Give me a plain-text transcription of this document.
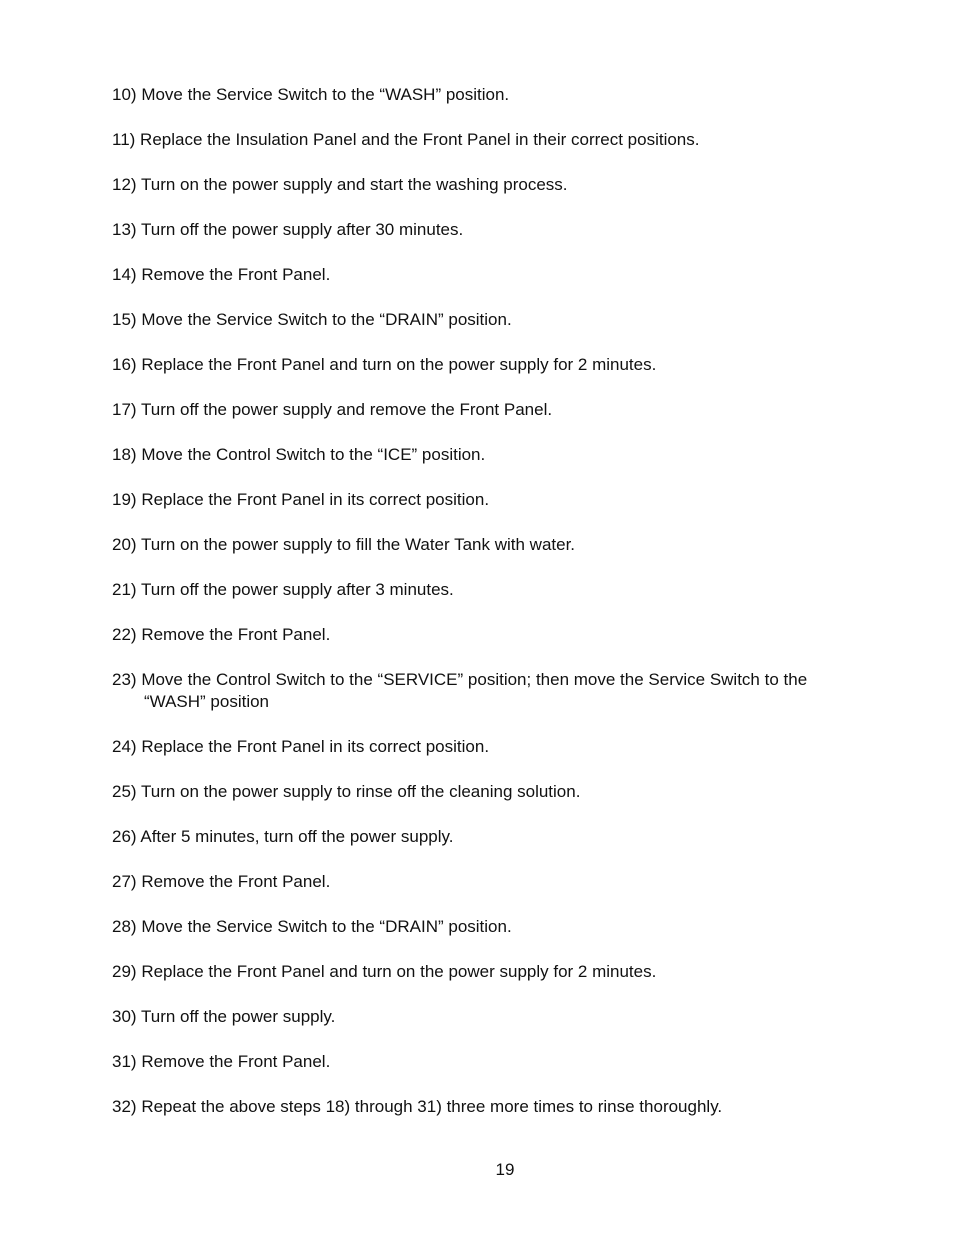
10) Move the Service Switch to the “WASH” position.
11) Replace the Insulation Panel and the Front Panel in their correct positions.
12) Turn on the power supply and start the washing process.
13) Turn off the power supply after 30 minutes.
14) Remove the Front Panel.
15) Move the Service Switch to the “DRAIN” position.
16) Replace the Front Panel and turn on the power supply for 2 minutes.
17) Turn off the power supply and remove the Front Panel.
18) Move the Control Switch to the “ICE” position.
19) Replace the Front Panel in its correct position.
20) Turn on the power supply to fill the Water Tank with water.
21) Turn off the power supply after 3 minutes.
22) Remove the Front Panel.
23) Move the Control Switch to the “SERVICE” position; then move the Service Switch to the “WASH” position
24) Replace the Front Panel in its correct position.
25) Turn on the power supply to rinse off the cleaning solution.
26) After 5 minutes, turn off the power supply.
27) Remove the Front Panel.
28) Move the Service Switch to the “DRAIN” position.
29) Replace the Front Panel and turn on the power supply for 2 minutes.
30) Turn off the power supply.
31) Remove the Front Panel.
32) Repeat the above steps 18) through 31) three more times to rinse thoroughly.
19
